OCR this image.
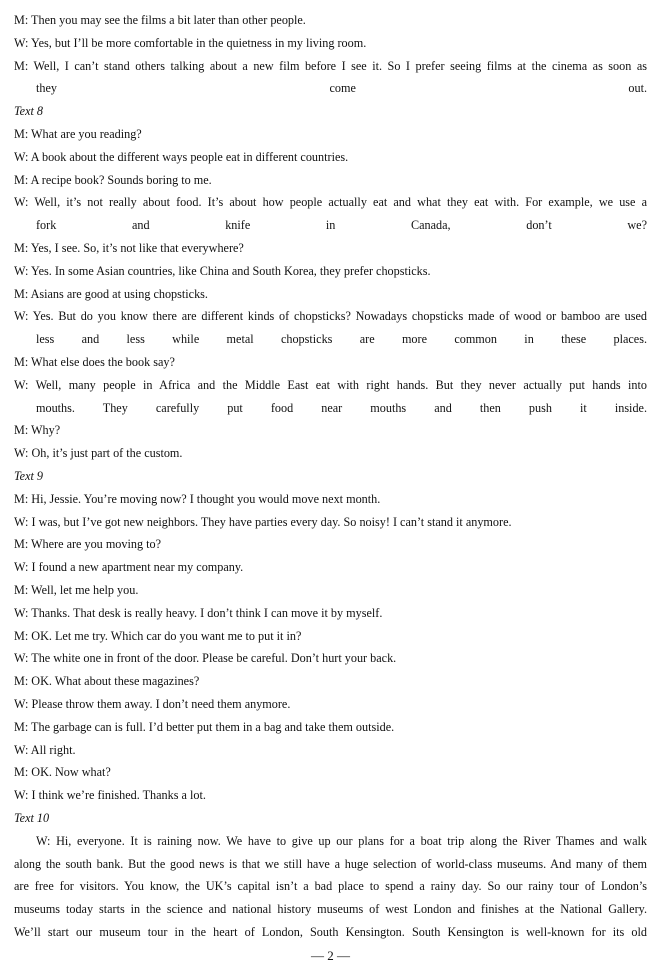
M: Then you may see the films a bit later than other people.
W: Yes, but I’ll be more comfortable in the quietness in my living room.
M: Well, I can’t stand others talking about a new film before I see it. So I prefer seeing films at the cinema as soon as
they come out.
Text 8
M: What are you reading?
W: A book about the different ways people eat in different countries.
M: A recipe book? Sounds boring to me.
W: Well, it’s not really about food. It’s about how people actually eat and what they eat with. For example, we use a
fork and knife in Canada, don’t we?
M: Yes, I see. So, it’s not like that everywhere?
W: Yes. In some Asian countries, like China and South Korea, they prefer chopsticks.
M: Asians are good at using chopsticks.
W: Yes. But do you know there are different kinds of chopsticks? Nowadays chopsticks made of wood or bamboo are used
less and less while metal chopsticks are more common in these places.
M: What else does the book say?
W: Well, many people in Africa and the Middle East eat with right hands. But they never actually put hands into
mouths. They carefully put food near mouths and then push it inside.
M: Why?
W: Oh, it’s just part of the custom.
Text 9
M: Hi, Jessie. You’re moving now? I thought you would move next month.
W: I was, but I’ve got new neighbors. They have parties every day. So noisy! I can’t stand it anymore.
M: Where are you moving to?
W: I found a new apartment near my company.
M: Well, let me help you.
W: Thanks. That desk is really heavy. I don’t think I can move it by myself.
M: OK. Let me try. Which car do you want me to put it in?
W: The white one in front of the door. Please be careful. Don’t hurt your back.
M: OK. What about these magazines?
W: Please throw them away. I don’t need them anymore.
M: The garbage can is full. I’d better put them in a bag and take them outside.
W: All right.
M: OK. Now what?
W: I think we’re finished. Thanks a lot.
Text 10
W: Hi, everyone. It is raining now. We have to give up our plans for a boat trip along the River Thames and walk
along the south bank. But the good news is that we still have a huge selection of world-class museums. And many of them
are free for visitors. You know, the UK’s capital isn’t a bad place to spend a rainy day. So our rainy tour of London’s
museums today starts in the science and national history museums of west London and finishes at the National Gallery.
We’ll start our museum tour in the heart of London, South Kensington. South Kensington is well-known for its old
— 2 —
